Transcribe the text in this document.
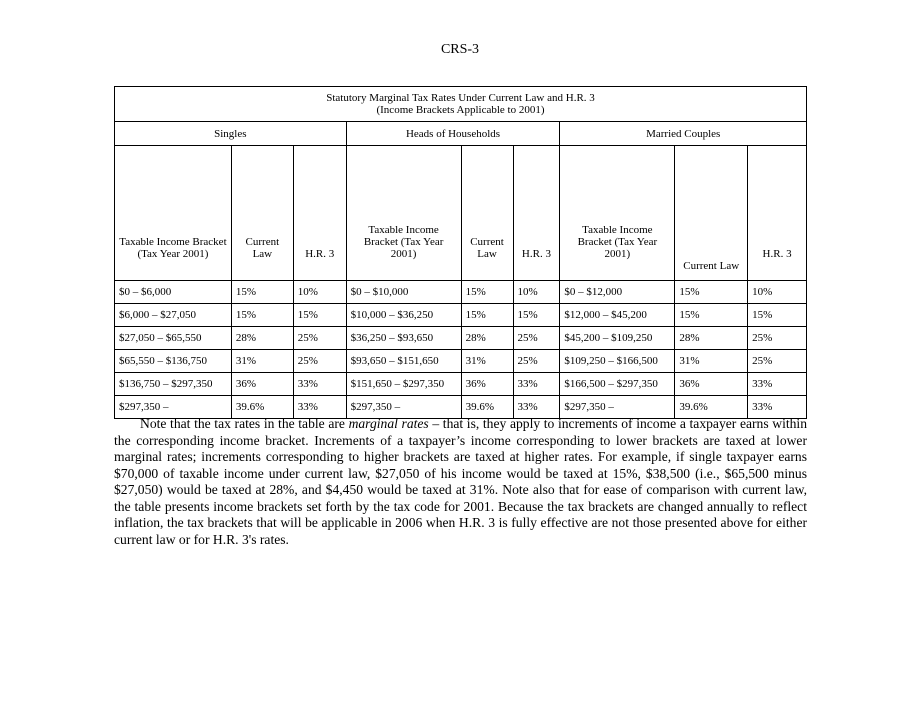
CRS-3
Statutory Marginal Tax Rates Under Current Law and H.R. 3
(Income Brackets Applicable to 2001)								

Singles			Heads of Households			Married Couples		
Taxable Income Bracket (Tax Year 2001)	Current Law	H.R. 3	Taxable Income Bracket (Tax Year 2001)	Current Law	H.R. 3	Taxable Income Bracket (Tax Year 2001)	Current Law	H.R. 3
$0 – $6,000	15%	10%	$0 – $10,000	15%	10%	$0 – $12,000	15%	10%
$6,000 – $27,050	15%	15%	$10,000 – $36,250	15%	15%	$12,000 – $45,200	15%	15%
$27,050 – $65,550	28%	25%	$36,250 – $93,650	28%	25%	$45,200 – $109,250	28%	25%
$65,550 – $136,750	31%	25%	$93,650 – $151,650	31%	25%	$109,250 – $166,500	31%	25%
$136,750 – $297,350	36%	33%	$151,650 – $297,350	36%	33%	$166,500 – $297,350	36%	33%
$297,350 –	39.6%	33%	$297,350 –	39.6%	33%	$297,350 –	39.6%	33%

Note that the tax rates in the table are marginal rates – that is, they apply to increments of income a taxpayer earns within the corresponding income bracket. Increments of a taxpayer’s income corresponding to lower brackets are taxed at lower marginal rates; increments corresponding to higher brackets are taxed at higher rates. For example, if single taxpayer earns $70,000 of taxable income under current law, $27,050 of his income would be taxed at 15%, $38,500 (i.e., $65,500 minus $27,050) would be taxed at 28%, and $4,450 would be taxed at 31%. Note also that for ease of comparison with current law, the table presents income brackets set forth by the tax code for 2001. Because the tax brackets are changed annually to reflect inflation, the tax brackets that will be applicable in 2006 when H.R. 3 is fully effective are not those presented above for either current law or for H.R. 3's rates.
